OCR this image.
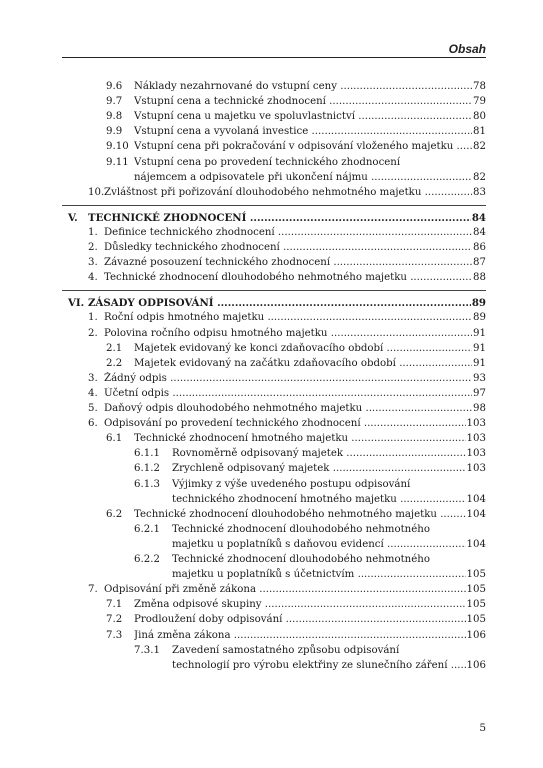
Obsah
9.6 Náklady nezahrnované do vstupní ceny .....	78
9.7 Vstupní cena a technické zhodnocení .....	79
9.8 Vstupní cena u majetku ve spoluvlastnictví .....	80
9.9 Vstupní cena a vyvolaná investice .....	81
9.10 Vstupní cena při pokračování v odpisování vloženého majetku .....	82
9.11 Vstupní cena po provedení technického zhodnocení
nájemcem a odpisovatele při ukončení nájmu .....	82
10. Zvláštnost při pořizování dlouhodobého nehmotného majetku .....	83
V. TECHNICKÉ ZHODNOCENÍ .....	84
1. Definice technického zhodnocení .....	84
2. Důsledky technického zhodnocení .....	86
3. Závazné posouzení technického zhodnocení .....	87
4. Technické zhodnocení dlouhodobého nehmotného majetku .....	88
VI. ZÁSADY ODPISOVÁNÍ .....	89
1. Roční odpis hmotného majetku .....	89
2. Polovina ročního odpisu hmotného majetku .....	91
2.1 Majetek evidovaný ke konci zdaňovacího období .....	91
2.2 Majetek evidovaný na začátku zdaňovacího období .....	91
3. Žádný odpis .....	93
4. Účetní odpis .....	97
5. Daňový odpis dlouhodobého nehmotného majetku .....	98
6. Odpisování po provedení technického zhodnocení .....	103
6.1 Technické zhodnocení hmotného majetku .....	103
6.1.1 Rovnoměrně odpisovaný majetek .....	103
6.1.2 Zrychleně odpisovaný majetek .....	103
6.1.3 Výjimky z výše uvedeného postupu odpisování
technického zhodnocení hmotného majetku .....	104
6.2 Technické zhodnocení dlouhodobého nehmotného majetku .....	104
6.2.1 Technické zhodnocení dlouhodobého nehmotného
majetku u poplatníků s daňovou evidencí .....	104
6.2.2 Technické zhodnocení dlouhodobého nehmotného
majetku u poplatníků s účetnictvím .....	105
7. Odpisování při změně zákona .....	105
7.1 Změna odpisové skupiny .....	105
7.2 Prodloužení doby odpisování .....	105
7.3 Jiná změna zákona .....	106
7.3.1 Zavedení samostatného způsobu odpisování
technologií pro výrobu elektřiny ze slunečního záření .....	106
5
